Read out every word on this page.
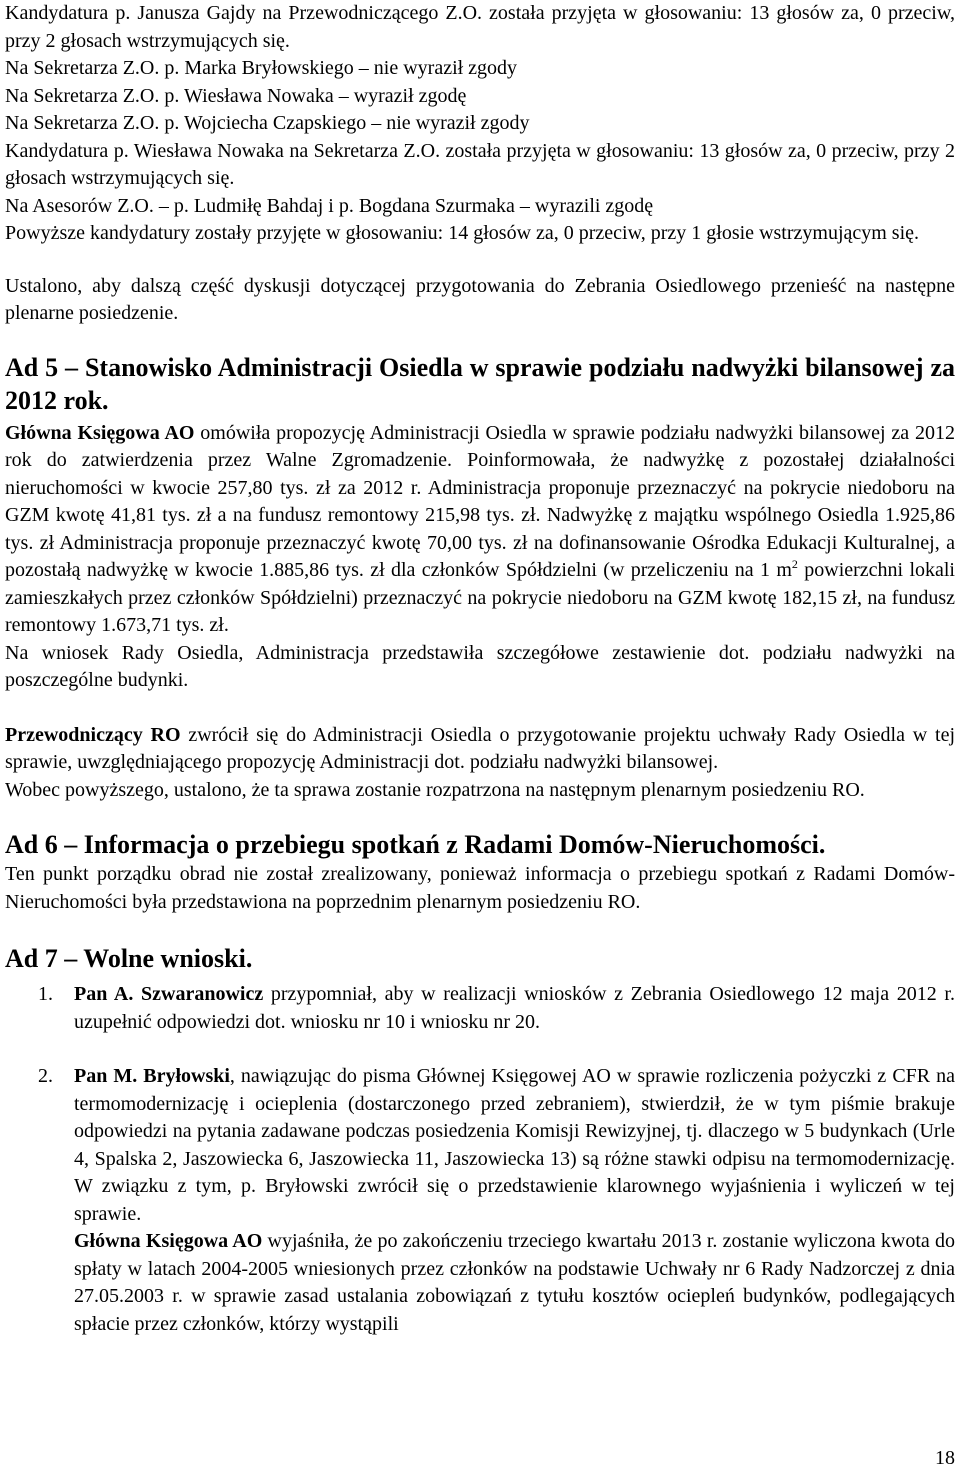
Kandydatura p. Janusza Gajdy na Przewodniczącego Z.O. została przyjęta w głosowaniu: 13 głosów za, 0 przeciw, przy 2 głosach wstrzymujących się.
Na Sekretarza Z.O. p. Marka Bryłowskiego – nie wyraził zgody
Na Sekretarza Z.O. p. Wiesława Nowaka – wyraził zgodę
Na Sekretarza Z.O. p. Wojciecha Czapskiego – nie wyraził zgody
Kandydatura p. Wiesława Nowaka na Sekretarza Z.O. została przyjęta w głosowaniu: 13 głosów za, 0 przeciw, przy 2 głosach wstrzymujących się.
Na Asesorów Z.O. – p. Ludmiłę Bahdaj i p. Bogdana Szurmaka – wyrazili zgodę
Powyższe kandydatury zostały przyjęte w głosowaniu: 14 głosów za, 0 przeciw, przy 1 głosie wstrzymującym się.
Ustalono, aby dalszą część dyskusji dotyczącej przygotowania do Zebrania Osiedlowego przenieść na następne plenarne posiedzenie.
Ad 5 – Stanowisko Administracji Osiedla w sprawie podziału nadwyżki bilansowej za 2012 rok.
Główna Księgowa AO omówiła propozycję Administracji Osiedla w sprawie podziału nadwyżki bilansowej za 2012 rok do zatwierdzenia przez Walne Zgromadzenie. Poinformowała, że nadwyżkę z pozostałej działalności nieruchomości w kwocie 257,80 tys. zł za 2012 r. Administracja proponuje przeznaczyć na pokrycie niedoboru na GZM kwotę 41,81 tys. zł a na fundusz remontowy 215,98 tys. zł. Nadwyżkę z majątku wspólnego Osiedla 1.925,86 tys. zł Administracja proponuje przeznaczyć kwotę 70,00 tys. zł na dofinansowanie Ośrodka Edukacji Kulturalnej, a pozostałą nadwyżkę w kwocie 1.885,86 tys. zł dla członków Spółdzielni (w przeliczeniu na 1 $m^2$ powierzchni lokali zamieszkałych przez członków Spółdzielni) przeznaczyć na pokrycie niedoboru na GZM kwotę 182,15 zł, na fundusz remontowy 1.673,71 tys. zł.
Na wniosek Rady Osiedla, Administracja przedstawiła szczegółowe zestawienie dot. podziału nadwyżki na poszczególne budynki.
Przewodniczący RO zwrócił się do Administracji Osiedla o przygotowanie projektu uchwały Rady Osiedla w tej sprawie, uwzględniającego propozycję Administracji dot. podziału nadwyżki bilansowej.
Wobec powyższego, ustalono, że ta sprawa zostanie rozpatrzona na następnym plenarnym posiedzeniu RO.
Ad 6 – Informacja o przebiegu spotkań z Radami Domów-Nieruchomości.
Ten punkt porządku obrad nie został zrealizowany, ponieważ informacja o przebiegu spotkań z Radami Domów-Nieruchomości była przedstawiona na poprzednim plenarnym posiedzeniu RO.
Ad 7 – Wolne wnioski.
1. Pan A. Szwaranowicz przypomniał, aby w realizacji wniosków z Zebrania Osiedlowego 12 maja 2012 r. uzupełnić odpowiedzi dot. wniosku nr 10 i wniosku nr 20.
2. Pan M. Bryłowski, nawiązując do pisma Głównej Księgowej AO w sprawie rozliczenia pożyczki z CFR na termomodernizację i ocieplenia (dostarczonego przed zebraniem), stwierdził, że w tym piśmie brakuje odpowiedzi na pytania zadawane podczas posiedzenia Komisji Rewizyjnej, tj. dlaczego w 5 budynkach (Urle 4, Spalska 2, Jaszowiecka 6, Jaszowiecka 11, Jaszowiecka 13) są różne stawki odpisu na termomodernizację. W związku z tym, p. Bryłowski zwrócił się o przedstawienie klarownego wyjaśnienia i wyliczeń w tej sprawie.
Główna Księgowa AO wyjaśniła, że po zakończeniu trzeciego kwartału 2013 r. zostanie wyliczona kwota do spłaty w latach 2004-2005 wniesionych przez członków na podstawie Uchwały nr 6 Rady Nadzorczej z dnia 27.05.2003 r. w sprawie zasad ustalania zobowiązań z tytułu kosztów ociepleń budynków, podlegających spłacie przez członków, którzy wystąpili
18
